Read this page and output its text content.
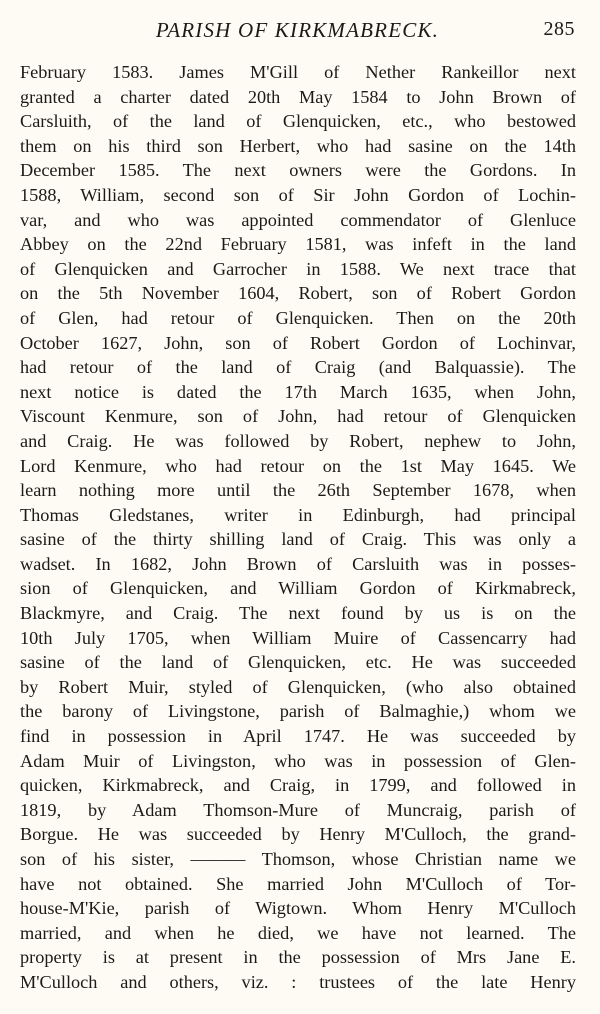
PARISH OF KIRKMABRECK.	285
February 1583. James M'Gill of Nether Rankeillor next
granted a charter dated 20th May 1584 to John Brown of
Carsluith, of the land of Glenquicken, etc., who bestowed
them on his third son Herbert, who had sasine on the 14th
December 1585. The next owners were the Gordons. In
1588, William, second son of Sir John Gordon of Lochin-
var, and who was appointed commendator of Glenluce
Abbey on the 22nd February 1581, was infeft in the land
of Glenquicken and Garrocher in 1588. We next trace that
on the 5th November 1604, Robert, son of Robert Gordon
of Glen, had retour of Glenquicken. Then on the 20th
October 1627, John, son of Robert Gordon of Lochinvar,
had retour of the land of Craig (and Balquassie). The
next notice is dated the 17th March 1635, when John,
Viscount Kenmure, son of John, had retour of Glenquicken
and Craig. He was followed by Robert, nephew to John,
Lord Kenmure, who had retour on the 1st May 1645. We
learn nothing more until the 26th September 1678, when
Thomas Gledstanes, writer in Edinburgh, had principal
sasine of the thirty shilling land of Craig. This was only a
wadset. In 1682, John Brown of Carsluith was in posses-
sion of Glenquicken, and William Gordon of Kirkmabreck,
Blackmyre, and Craig. The next found by us is on the
10th July 1705, when William Muire of Cassencarry had
sasine of the land of Glenquicken, etc. He was succeeded
by Robert Muir, styled of Glenquicken, (who also obtained
the barony of Livingstone, parish of Balmaghie,) whom we
find in possession in April 1747. He was succeeded by
Adam Muir of Livingston, who was in possession of Glen-
quicken, Kirkmabreck, and Craig, in 1799, and followed in
1819, by Adam Thomson-Mure of Muncraig, parish of
Borgue. He was succeeded by Henry M'Culloch, the grand-
son of his sister, ——— Thomson, whose Christian name we
have not obtained. She married John M'Culloch of Tor-
house-M'Kie, parish of Wigtown. Whom Henry M'Culloch
married, and when he died, we have not learned. The
property is at present in the possession of Mrs Jane E.
M'Culloch and others, viz. : trustees of the late Henry
